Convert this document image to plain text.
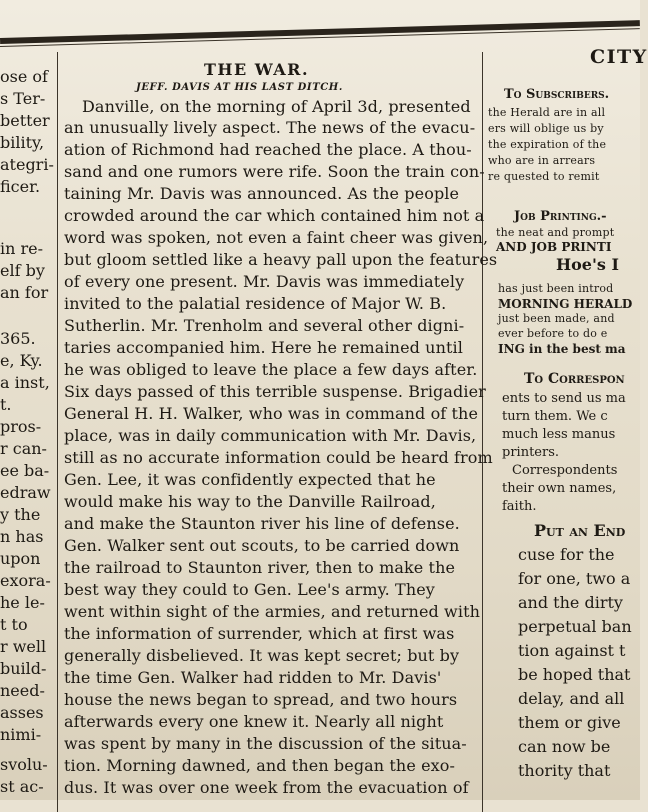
ose of
s Ter-
better
bility,
ategri-
ficer.
in re-
elf by
an for
365.
e, Ky.
a inst,
t.
pros-
r can-
ee ba-
edraw
y the
n has
upon
exora-
he le-
t to
r well
build-
need-
asses
nimi-
svolu-
st ac-
THE WAR.
JEFF. DAVIS AT HIS LAST DITCH.
Danville, on the morning of April 3d, presented
an unusually lively aspect. The news of the evacu-
ation of Richmond had reached the place. A thou-
sand and one rumors were rife. Soon the train con-
taining Mr. Davis was announced. As the people
crowded around the car which contained him not a
word was spoken, not even a faint cheer was given,
but gloom settled like a heavy pall upon the features
of every one present. Mr. Davis was immediately
invited to the palatial residence of Major W. B.
Sutherlin. Mr. Trenholm and several other digni-
taries accompanied him. Here he remained until
he was obliged to leave the place a few days after.
Six days passed of this terrible suspense. Brigadier
General H. H. Walker, who was in command of the
place, was in daily communication with Mr. Davis,
still as no accurate information could be heard from
Gen. Lee, it was confidently expected that he
would make his way to the Danville Railroad,
and make the Staunton river his line of defense.
Gen. Walker sent out scouts, to be carried down
the railroad to Staunton river, then to make the
best way they could to Gen. Lee's army. They
went within sight of the armies, and returned with
the information of surrender, which at first was
generally disbelieved. It was kept secret; but by
the time Gen. Walker had ridden to Mr. Davis'
house the news began to spread, and two hours
afterwards every one knew it. Nearly all night
was spent by many in the discussion of the situa-
tion. Morning dawned, and then began the exo-
dus. It was over one week from the evacuation of
CITY
To Subscribers.
the Herald are in all
ers will oblige us by
the expiration of the
who are in arrears
re quested to remit
Job Printing.-
the neat and prompt
AND JOB PRINTI
Hoe's I
has just been introd
MORNING HERALD
just been made, and
ever before to do e
ING in the best ma
To Correspon
ents to send us ma
turn them. We c
much less manus
printers.
Correspondents
their own names,
faith.
Put an End
cuse for the
for one, two a
and the dirty
perpetual ban
tion against t
be hoped that
delay, and all
them or give
can now be
thority that
